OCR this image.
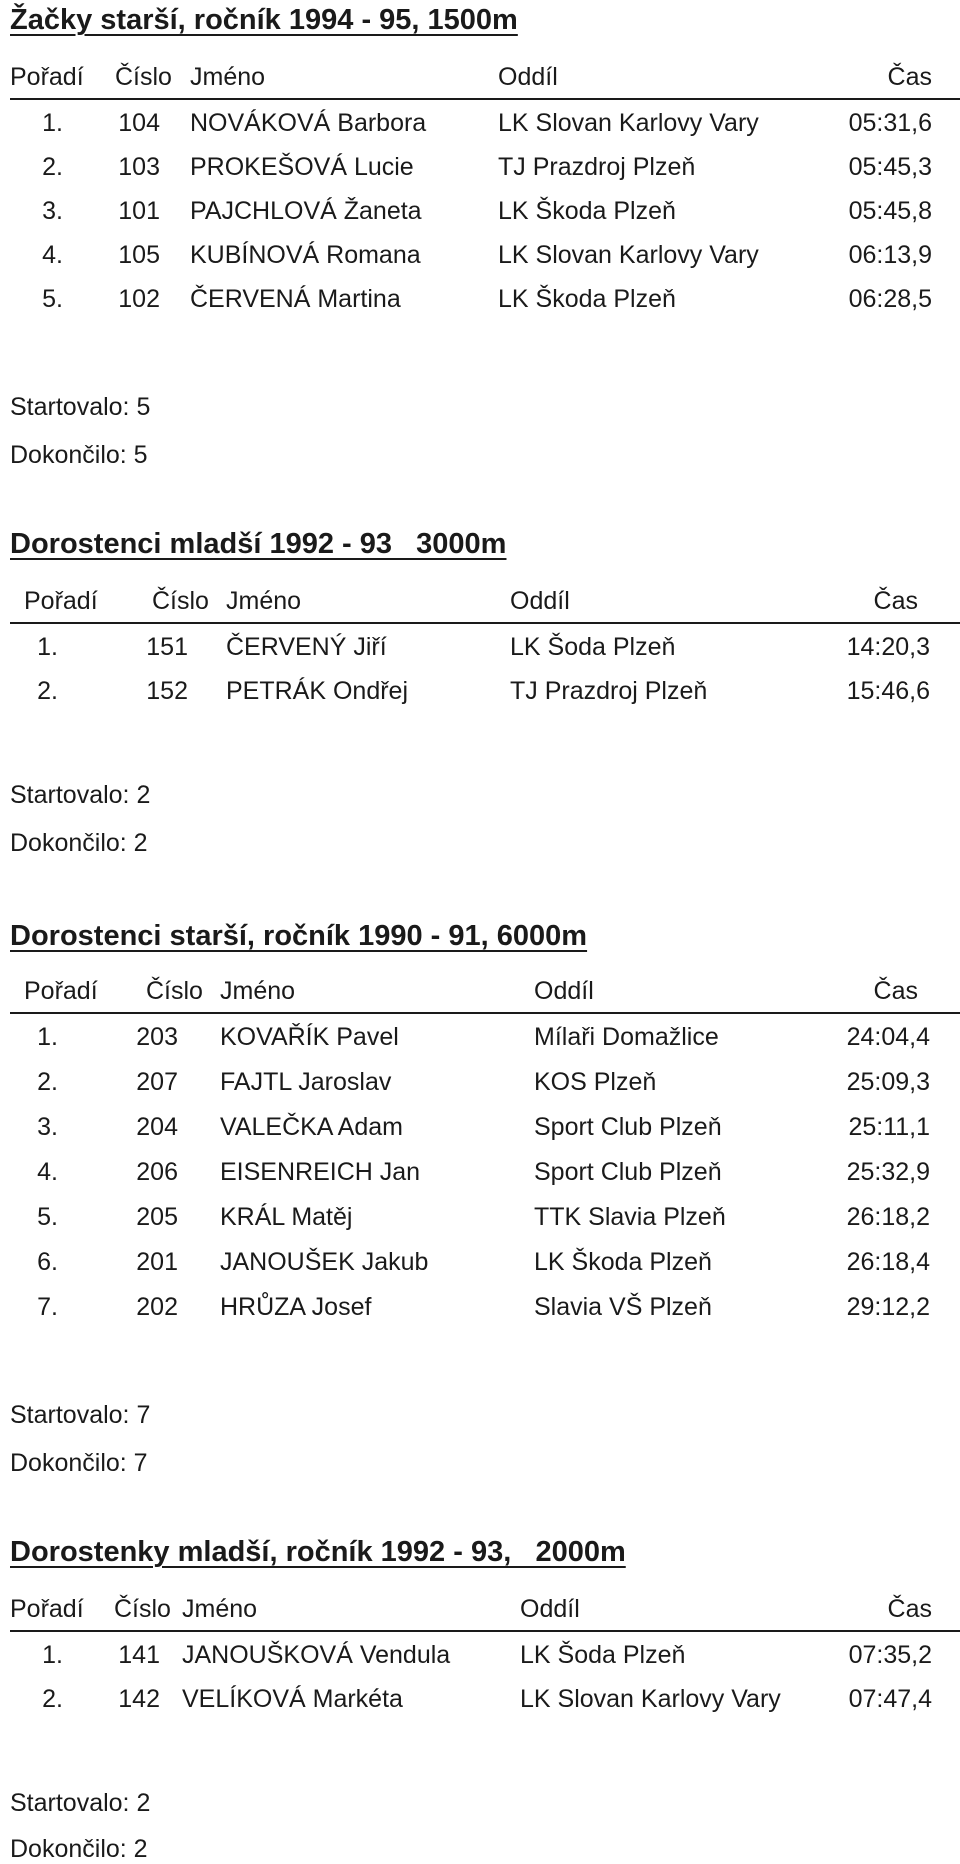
Žačky starší, ročník 1994 - 95, 1500m
Pořadí Číslo Jméno	Oddíl	Čas
1. 104 NOVÁKOVÁ Barbora	LK Slovan Karlovy Vary	05:31,6
2. 103 PROKEŠOVÁ Lucie	TJ Prazdroj Plzeň	05:45,3
3. 101 PAJCHLOVÁ Žaneta	LK Škoda Plzeň	05:45,8
4. 105 KUBÍNOVÁ Romana	LK Slovan Karlovy Vary	06:13,9
5. 102 ČERVENÁ Martina	LK Škoda Plzeň	06:28,5
Startovalo: 5
Dokončilo: 5
Dorostenci mladší 1992 - 93   3000m
Pořadí Číslo Jméno	Oddíl	Čas
1.	151 ČERVENÝ Jiří	LK Šoda Plzeň	14:20,3
2.	152 PETRÁK Ondřej	TJ Prazdroj Plzeň	15:46,6
Startovalo: 2
Dokončilo: 2
Dorostenci starší, ročník 1990 - 91, 6000m
Pořadí Číslo Jméno	Oddíl	Čas
1.	203 KOVAŘÍK Pavel	Mílaři Domažlice	24:04,4
2.	207 FAJTL Jaroslav	KOS Plzeň	25:09,3
3.	204 VALEČKA Adam	Sport Club Plzeň	25:11,1
4.	206 EISENREICH Jan	Sport Club Plzeň	25:32,9
5.	205 KRÁL Matěj	TTK Slavia Plzeň	26:18,2
6.	201 JANOUŠEK Jakub	LK Škoda Plzeň	26:18,4
7.	202 HRŮZA Josef	Slavia VŠ Plzeň	29:12,2
Startovalo: 7
Dokončilo: 7
Dorostenky mladší, ročník 1992 - 93,   2000m
Pořadí Číslo Jméno	Oddíl	Čas
1. 141 JANOUŠKOVÁ Vendula	LK Šoda Plzeň	07:35,2
2. 142 VELÍKOVÁ Markéta	LK Slovan Karlovy Vary	07:47,4
Startovalo: 2
Dokončilo: 2
